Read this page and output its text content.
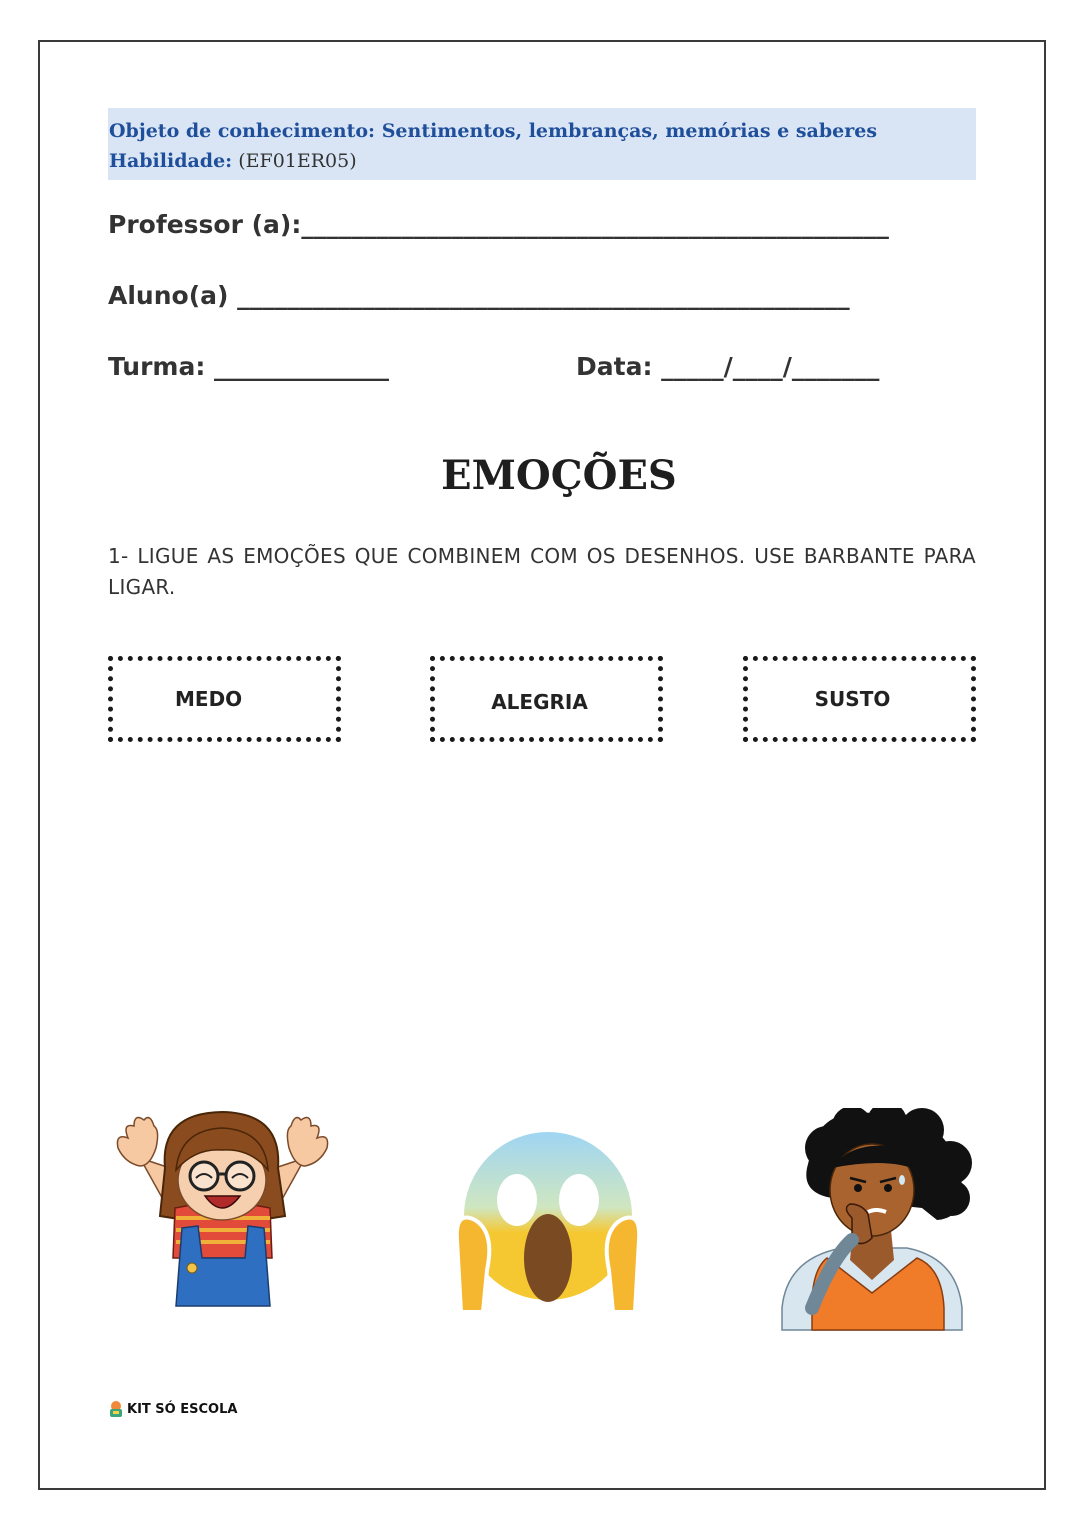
Objeto de conhecimento: Sentimentos, lembranças, memórias e saberes
Habilidade: (EF01ER05)
Professor (a):_______________________________________________
Aluno(a) _________________________________________________
Turma: ______________	Data: _____/____/_______
EMOÇÕES
1- LIGUE AS EMOÇÕES QUE COMBINEM COM OS DESENHOS. USE BARBANTE PARA LIGAR.
MEDO	ALEGRIA	SUSTO
KIT SÓ ESCOLA
